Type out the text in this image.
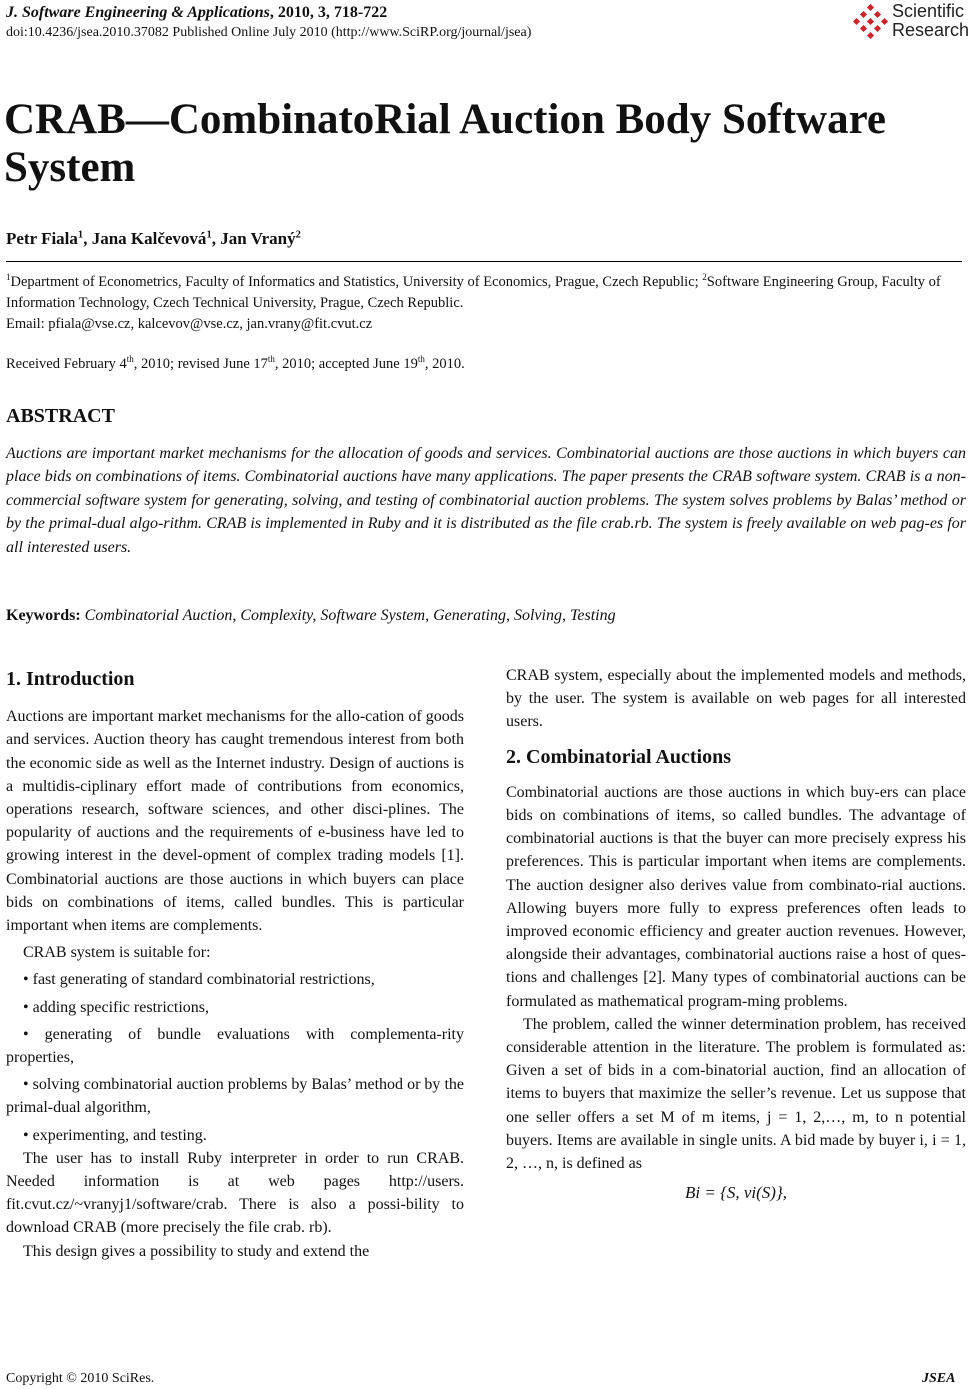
J. Software Engineering & Applications, 2010, 3, 718-722
doi:10.4236/jsea.2010.37082 Published Online July 2010 (http://www.SciRP.org/journal/jsea)
Scientific
Research
CRAB—CombinatoRial Auction Body Software System
Petr Fiala$^1$, Jana Kalčevová$^1$, Jan Vraný$^2$
$^1$Department of Econometrics, Faculty of Informatics and Statistics, University of Economics, Prague, Czech Republic; $^2$Software Engineering Group, Faculty of Information Technology, Czech Technical University, Prague, Czech Republic.
Email: pfiala@vse.cz, kalcevov@vse.cz, jan.vrany@fit.cvut.cz
Received February 4th, 2010; revised June 17th, 2010; accepted June 19th, 2010.
ABSTRACT
Auctions are important market mechanisms for the allocation of goods and services. Combinatorial auctions are those auctions in which buyers can place bids on combinations of items. Combinatorial auctions have many applications. The paper presents the CRAB software system. CRAB is a non-commercial software system for generating, solving, and testing of combinatorial auction problems. The system solves problems by Balas’ method or by the primal-dual algo-rithm. CRAB is implemented in Ruby and it is distributed as the file crab.rb. The system is freely available on web pag-es for all interested users.
Keywords: Combinatorial Auction, Complexity, Software System, Generating, Solving, Testing
1. Introduction

Auctions are important market mechanisms for the allo-cation of goods and services. Auction theory has caught tremendous interest from both the economic side as well as the Internet industry. Design of auctions is a multidis-ciplinary effort made of contributions from economics, operations research, software sciences, and other disci-plines. The popularity of auctions and the requirements of e-business have led to growing interest in the devel-opment of complex trading models [1]. Combinatorial auctions are those auctions in which buyers can place bids on combinations of items, called bundles. This is particular important when items are complements.

CRAB system is suitable for:

• fast generating of standard combinatorial restrictions,

• adding specific restrictions,

• generating of bundle evaluations with complementa-rity properties,

• solving combinatorial auction problems by Balas’ method or by the primal-dual algorithm,

• experimenting, and testing.

The user has to install Ruby interpreter in order to run CRAB. Needed information is at web pages http://users. fit.cvut.cz/~vranyj1/software/crab. There is also a possi-bility to download CRAB (more precisely the file crab. rb).

This design gives a possibility to study and extend the

CRAB system, especially about the implemented models and methods, by the user. The system is available on web pages for all interested users.

2. Combinatorial Auctions

Combinatorial auctions are those auctions in which buy-ers can place bids on combinations of items, so called bundles. The advantage of combinatorial auctions is that the buyer can more precisely express his preferences. This is particular important when items are complements. The auction designer also derives value from combinato-rial auctions. Allowing buyers more fully to express preferences often leads to improved economic efficiency and greater auction revenues. However, alongside their advantages, combinatorial auctions raise a host of ques-tions and challenges [2]. Many types of combinatorial auctions can be formulated as mathematical program-ming problems.

The problem, called the winner determination problem, has received considerable attention in the literature. The problem is formulated as: Given a set of bids in a com-binatorial auction, find an allocation of items to buyers that maximize the seller’s revenue. Let us suppose that one seller offers a set M of m items, j = 1, 2,…, m, to n potential buyers. Items are available in single units. A bid made by buyer i, i = 1, 2, …, n, is defined as

Bi = {S, vi(S)},
Copyright © 2010 SciRes.	JSEA
